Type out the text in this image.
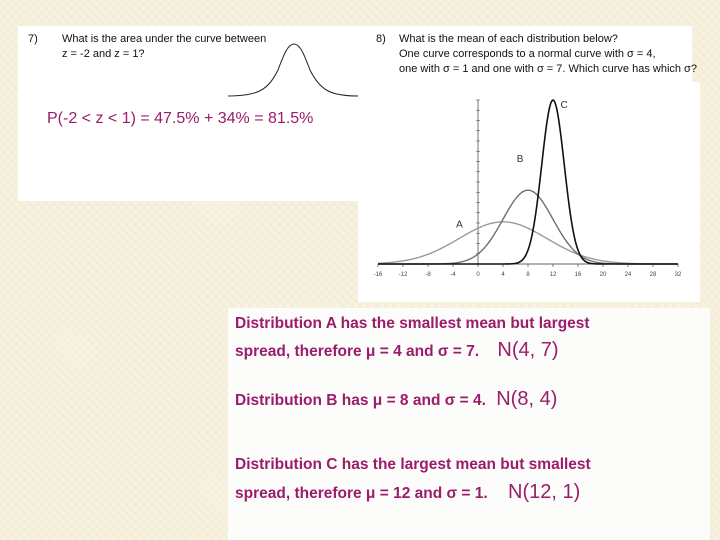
7) What is the area under the curve between
z = -2 and z = 1?
8) What is the mean of each distribution below?
One curve corresponds to a normal curve with σ = 4,
one with σ = 1 and one with σ = 7. Which curve has which σ?
P(-2 < z < 1) = 47.5% + 34% = 81.5%
-16	-12	-8	-4	0	4	8	12	16	20	24	28	32
A
B
C
Distribution A has the smallest mean but largest
spread, therefore μ = 4 and σ = 7. N(4, 7)
Distribution B has μ = 8 and σ = 4. N(8, 4)
Distribution C has the largest mean but smallest
spread, therefore μ = 12 and σ = 1. N(12, 1)
